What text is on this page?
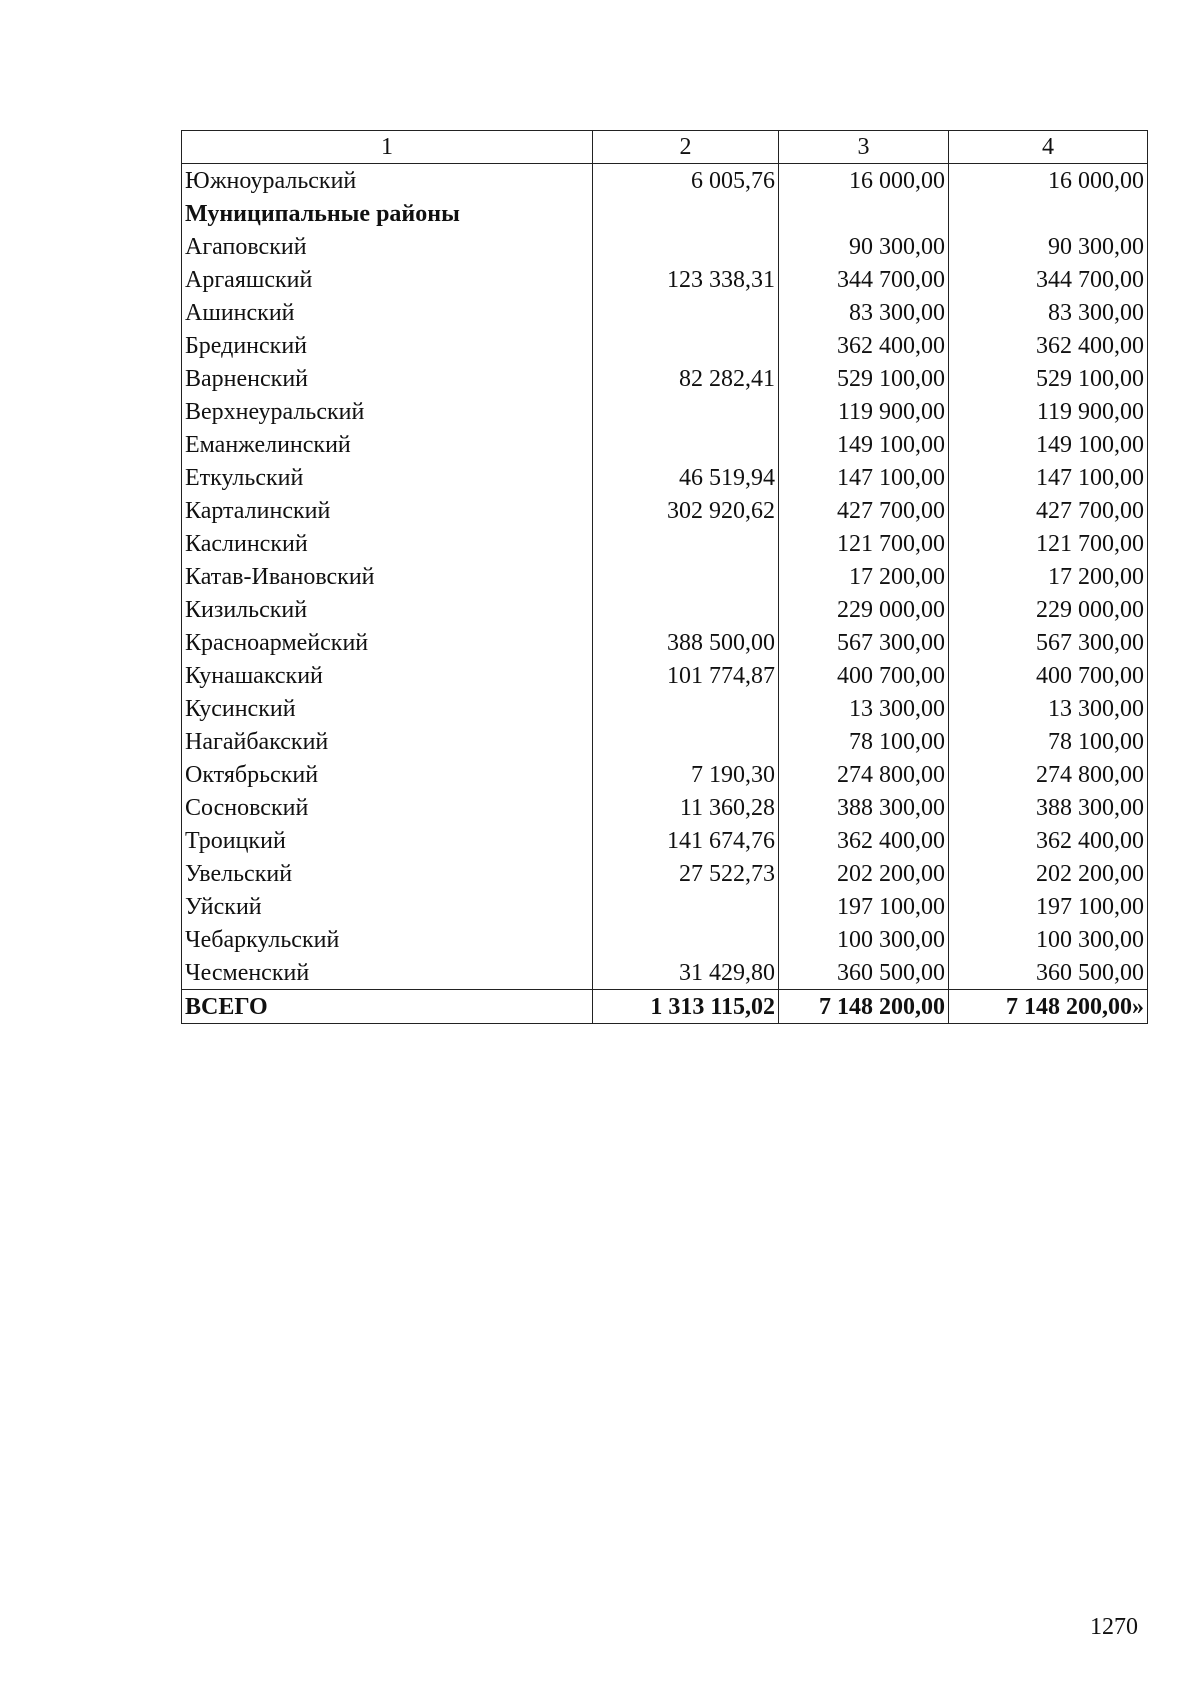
1	2	3	4
Южноуральский	6 005,76	16 000,00	16 000,00
Муниципальные районы			
Агаповский		90 300,00	90 300,00
Аргаяшский	123 338,31	344 700,00	344 700,00
Ашинский		83 300,00	83 300,00
Брединский		362 400,00	362 400,00
Варненский	82 282,41	529 100,00	529 100,00
Верхнеуральский		119 900,00	119 900,00
Еманжелинский		149 100,00	149 100,00
Еткульский	46 519,94	147 100,00	147 100,00
Карталинский	302 920,62	427 700,00	427 700,00
Каслинский		121 700,00	121 700,00
Катав-Ивановский		17 200,00	17 200,00
Кизильский		229 000,00	229 000,00
Красноармейский	388 500,00	567 300,00	567 300,00
Кунашакский	101 774,87	400 700,00	400 700,00
Кусинский		13 300,00	13 300,00
Нагайбакский		78 100,00	78 100,00
Октябрьский	7 190,30	274 800,00	274 800,00
Сосновский	11 360,28	388 300,00	388 300,00
Троицкий	141 674,76	362 400,00	362 400,00
Увельский	27 522,73	202 200,00	202 200,00
Уйский		197 100,00	197 100,00
Чебаркульский		100 300,00	100 300,00
Чесменский	31 429,80	360 500,00	360 500,00
ВСЕГО	1 313 115,02	7 148 200,00	7 148 200,00»
1270
